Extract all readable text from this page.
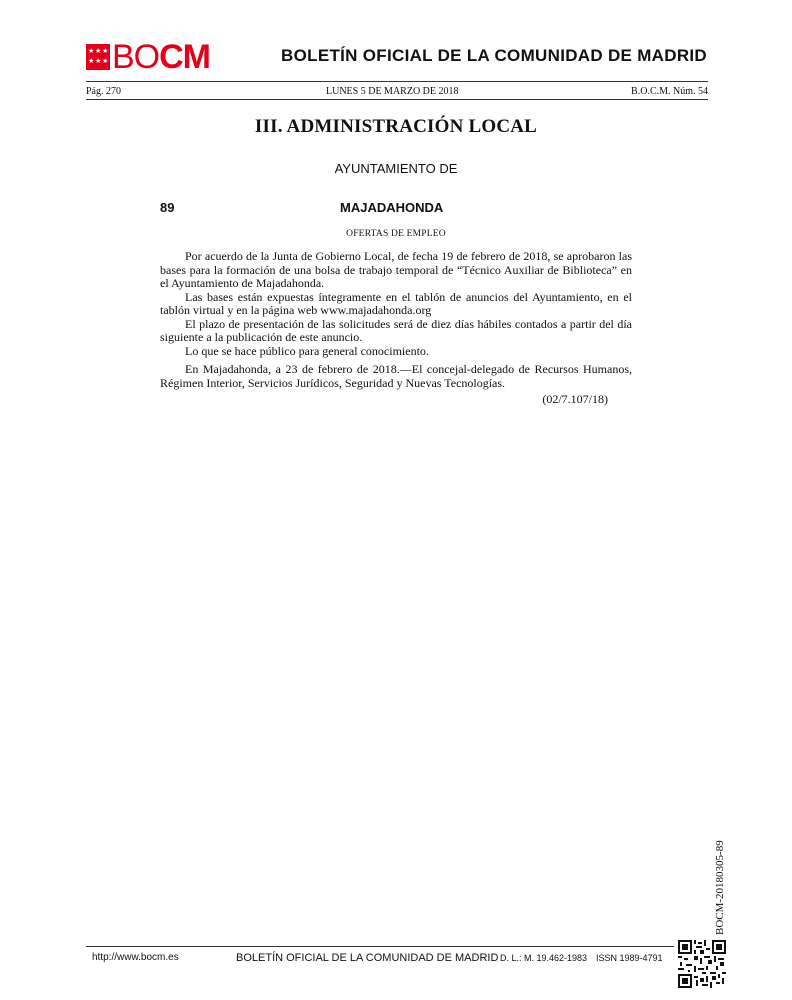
★ ★ ★
★ ★ ★ BOCM	BOLETÍN OFICIAL DE LA COMUNIDAD DE MADRID
Pág. 270	LUNES 5 DE MARZO DE 2018	B.O.C.M. Núm. 54
III. ADMINISTRACIÓN LOCAL
AYUNTAMIENTO DE
89	MAJADAHONDA
OFERTAS DE EMPLEO

Por acuerdo de la Junta de Gobierno Local, de fecha 19 de febrero de 2018, se aprobaron las bases para la formación de una bolsa de trabajo temporal de “Técnico Auxiliar de Biblioteca” en el Ayuntamiento de Majadahonda.

Las bases están expuestas íntegramente en el tablón de anuncios del Ayuntamiento, en el tablón virtual y en la página web www.majadahonda.org

El plazo de presentación de las solicitudes será de diez días hábiles contados a partir del día siguiente a la publicación de este anuncio.

Lo que se hace público para general conocimiento.

En Majadahonda, a 23 de febrero de 2018.—El concejal-delegado de Recursos Humanos, Régimen Interior, Servicios Jurídicos, Seguridad y Nuevas Tecnologías.

(02/7.107/18)

BOCM-20180305-89
http://www.bocm.es	BOLETÍN OFICIAL DE LA COMUNIDAD DE MADRID D. L.: M. 19.462-1983 ISSN 1989-4791
